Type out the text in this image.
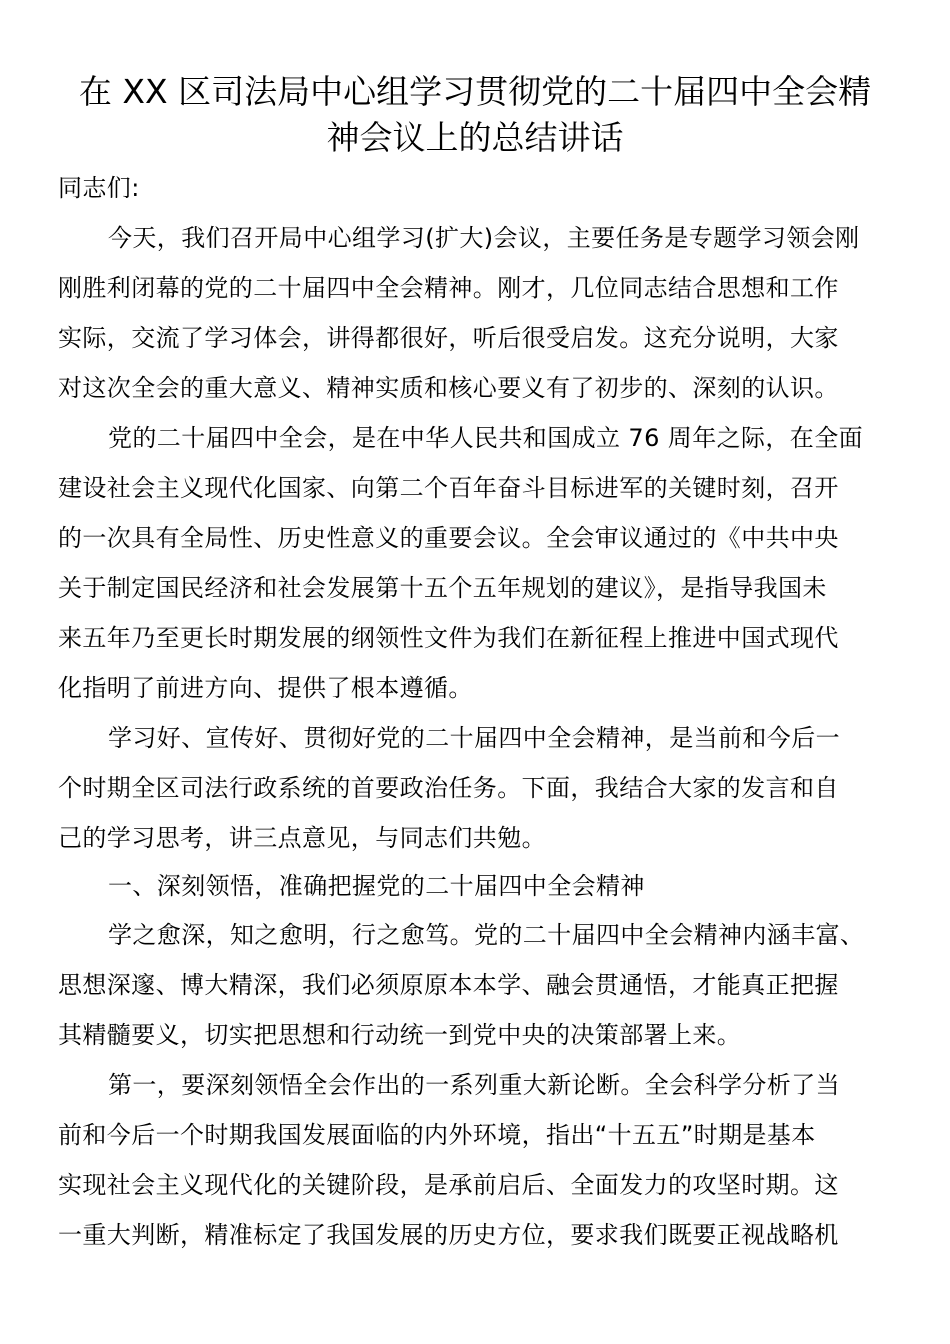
在 XX 区司法局中心组学习贯彻党的二十届四中全会精
神会议上的总结讲话
同志们:
今天，我们召开局中心组学习(扩大)会议，主要任务是专题学习领会刚
刚胜利闭幕的党的二十届四中全会精神。刚才，几位同志结合思想和工作
实际，交流了学习体会，讲得都很好，听后很受启发。这充分说明，大家
对这次全会的重大意义、精神实质和核心要义有了初步的、深刻的认识。
党的二十届四中全会，是在中华人民共和国成立 76 周年之际，在全面
建设社会主义现代化国家、向第二个百年奋斗目标进军的关键时刻，召开
的一次具有全局性、历史性意义的重要会议。全会审议通过的《中共中央
关于制定国民经济和社会发展第十五个五年规划的建议》，是指导我国未
来五年乃至更长时期发展的纲领性文件为我们在新征程上推进中国式现代
化指明了前进方向、提供了根本遵循。
学习好、宣传好、贯彻好党的二十届四中全会精神，是当前和今后一
个时期全区司法行政系统的首要政治任务。下面，我结合大家的发言和自
己的学习思考，讲三点意见，与同志们共勉。
一、深刻领悟，准确把握党的二十届四中全会精神
学之愈深，知之愈明，行之愈笃。党的二十届四中全会精神内涵丰富、
思想深邃、博大精深，我们必须原原本本学、融会贯通悟，才能真正把握
其精髓要义，切实把思想和行动统一到党中央的决策部署上来。
第一，要深刻领悟全会作出的一系列重大新论断。全会科学分析了当
前和今后一个时期我国发展面临的内外环境，指出“十五五”时期是基本
实现社会主义现代化的关键阶段，是承前启后、全面发力的攻坚时期。这
一重大判断，精准标定了我国发展的历史方位，要求我们既要正视战略机
